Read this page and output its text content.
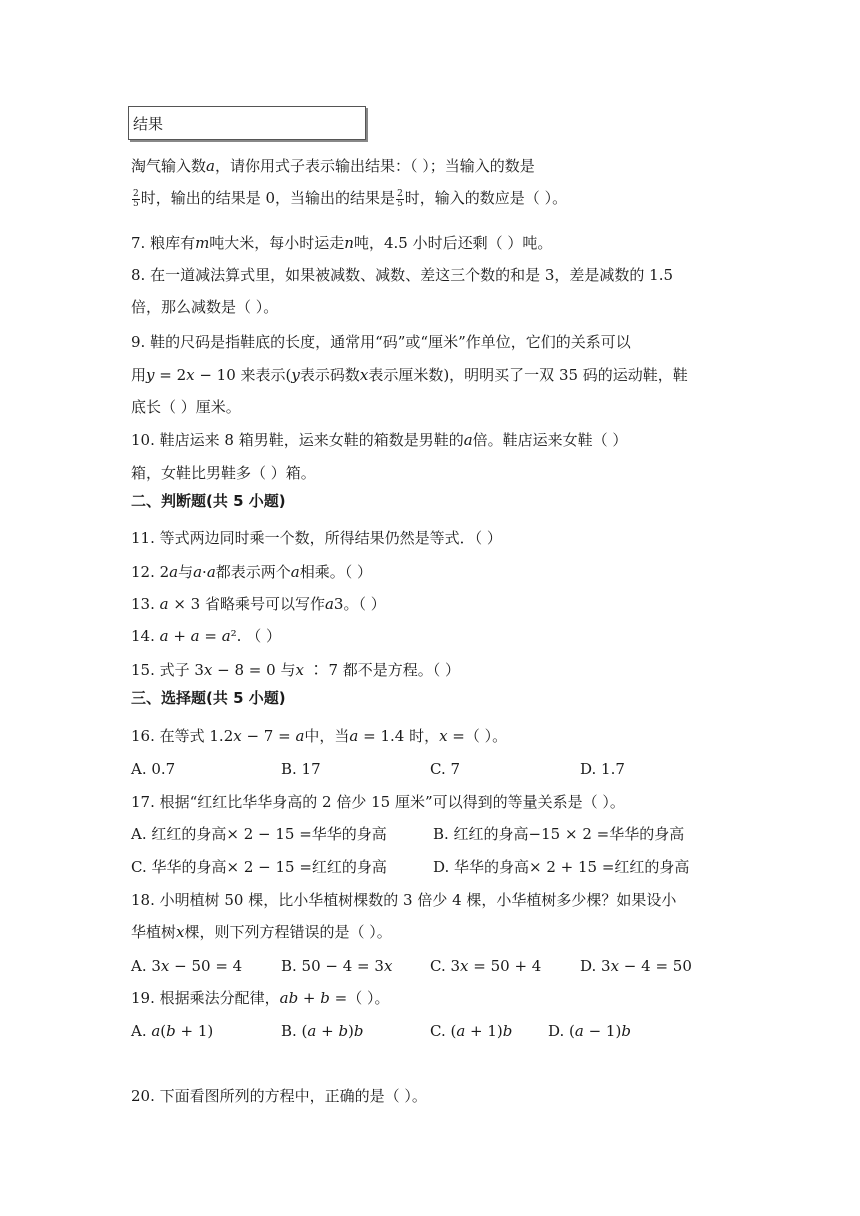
结果
淘气输入数𝑎，请你用式子表示输出结果：（ ）；当输入的数是
$\frac{2}{5}$ 时，输出的结果是 0，当输出的结果是 $\frac{2}{5}$ 时，输入的数应是（ ）。
7. 粮库有𝑚吨大米，每小时运走𝑛吨，4.5 小时后还剩（ ）吨。
8. 在一道减法算式里，如果被减数、减数、差这三个数的和是 3，差是减数的 1.5
倍，那么减数是（ ）。
9. 鞋的尺码是指鞋底的长度，通常用“码”或“厘米”作单位，它们的关系可以
用𝑦 = 2𝑥 − 10 来表示(𝑦表示码数𝑥表示厘米数)，明明买了一双 35 码的运动鞋，鞋
底长（ ）厘米。
10. 鞋店运来 8 箱男鞋，运来女鞋的箱数是男鞋的𝑎倍。鞋店运来女鞋（ ）
箱，女鞋比男鞋多（ ）箱。
二、判断题(共 5 小题)
11. 等式两边同时乘一个数，所得结果仍然是等式．（ ）
12. 2𝑎与𝑎·𝑎都表示两个𝑎相乘。（ ）
13. 𝑎 × 3 省略乘号可以写作𝑎3。（ ）
14. 𝑎 + 𝑎 = 𝑎². （ ）
15. 式子 3𝑥 − 8 = 0 与𝑥 ∶ 7 都不是方程。（ ）
三、选择题(共 5 小题)
16. 在等式 1.2𝑥 − 7 = 𝑎中，当𝑎 = 1.4 时，𝑥 =（ ）。
A. 0.7	B. 17	C. 7	D. 1.7
17. 根据“红红比华华身高的 2 倍少 15 厘米”可以得到的等量关系是（ ）。
A. 红红的身高× 2 − 15 =华华的身高	B. 红红的身高−15 × 2 =华华的身高
C. 华华的身高× 2 − 15 =红红的身高	D. 华华的身高× 2 + 15 =红红的身高
18. 小明植树 50 棵，比小华植树棵数的 3 倍少 4 棵，小华植树多少棵？如果设小
华植树𝑥棵，则下列方程错误的是（ ）。
A. 3𝑥 − 50 = 4	B. 50 − 4 = 3𝑥	C. 3𝑥 = 50 + 4	D. 3𝑥 − 4 = 50
19. 根据乘法分配律，𝑎𝑏 + 𝑏 =（ ）。
A. 𝑎(𝑏 + 1)	B. (𝑎 + 𝑏)𝑏	C. (𝑎 + 1)𝑏 D. (𝑎 − 1)𝑏
20. 下面看图所列的方程中，正确的是（ ）。
